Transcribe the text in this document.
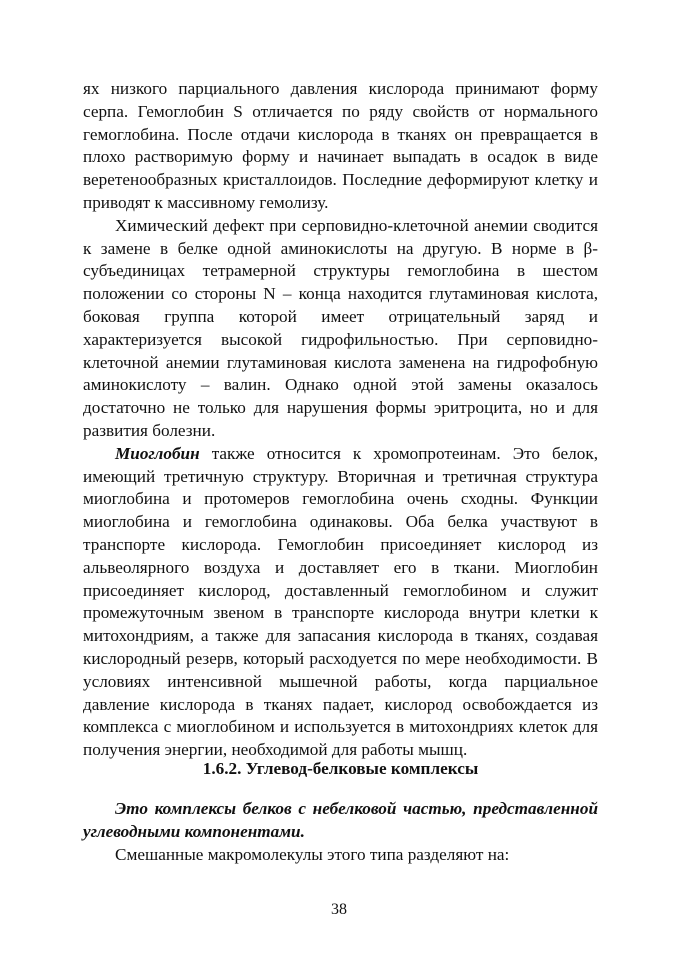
ях низкого парциального давления кислорода принимают форму серпа. Гемоглобин S отличается по ряду свойств от нормального гемоглобина. После отдачи кислорода в тканях он превращается в плохо растворимую форму и начинает выпадать в осадок в виде веретенообразных кристаллоидов. Последние деформируют клетку и приводят к массивному гемолизу.

Химический дефект при серповидно-клеточной анемии сводится к замене в белке одной аминокислоты на другую. В норме в β-субъединицах тетрамерной структуры гемоглобина в шестом положении со стороны N – конца находится глутаминовая кислота, боковая группа которой имеет отрицательный заряд и характеризуется высокой гидрофильностью. При серповидно-клеточной анемии глутаминовая кислота заменена на гидрофобную аминокислоту – валин. Однако одной этой замены оказалось достаточно не только для нарушения формы эритроцита, но и для развития болезни.

Миоглобин также относится к хромопротеинам. Это белок, имеющий третичную структуру. Вторичная и третичная структура миоглобина и протомеров гемоглобина очень сходны. Функции миоглобина и гемоглобина одинаковы. Оба белка участвуют в транспорте кислорода. Гемоглобин присоединяет кислород из альвеолярного воздуха и доставляет его в ткани. Миоглобин присоединяет кислород, доставленный гемоглобином и служит промежуточным звеном в транспорте кислорода внутри клетки к митохондриям, а также для запасания кислорода в тканях, создавая кислородный резерв, который расходуется по мере необходимости. В условиях интенсивной мышечной работы, когда парциальное давление кислорода в тканях падает, кислород освобождается из комплекса с миоглобином и используется в митохондриях клеток для получения энергии, необходимой для работы мышц.

1.6.2. Углевод-белковые комплексы

Это комплексы белков с небелковой частью, представленной углеводными компонентами.

Смешанные макромолекулы этого типа разделяют на:

38
